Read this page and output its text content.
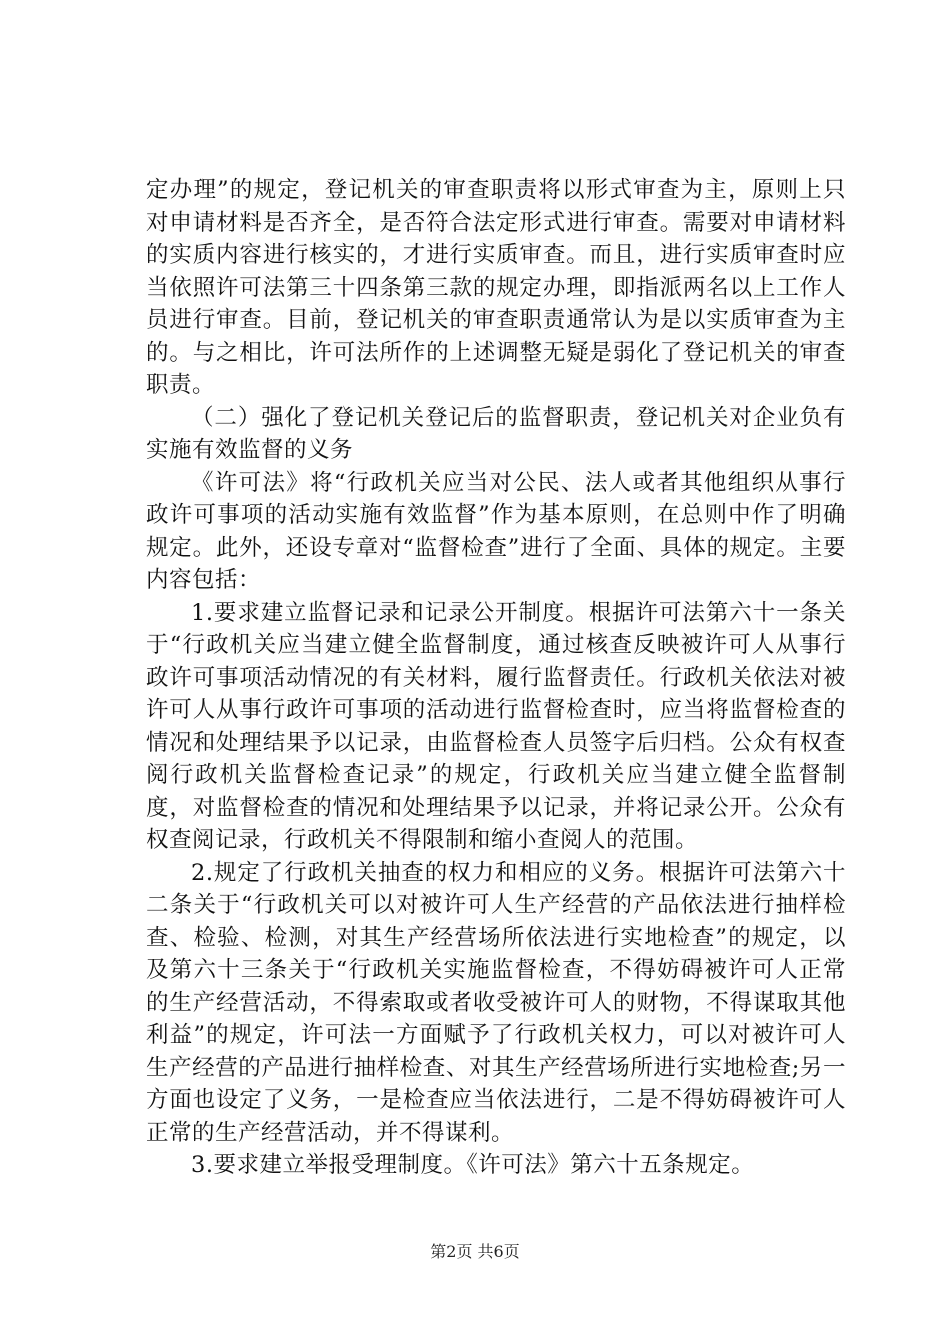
定办理”的规定，登记机关的审查职责将以形式审查为主，原则上只对申请材料是否齐全，是否符合法定形式进行审查。需要对申请材料的实质内容进行核实的，才进行实质审查。而且，进行实质审查时应当依照许可法第三十四条第三款的规定办理，即指派两名以上工作人员进行审查。目前，登记机关的审查职责通常认为是以实质审查为主的。与之相比，许可法所作的上述调整无疑是弱化了登记机关的审查职责。

（二）强化了登记机关登记后的监督职责，登记机关对企业负有实施有效监督的义务

《许可法》将“行政机关应当对公民、法人或者其他组织从事行政许可事项的活动实施有效监督”作为基本原则，在总则中作了明确规定。此外，还设专章对“监督检查”进行了全面、具体的规定。主要内容包括：

1.要求建立监督记录和记录公开制度。根据许可法第六十一条关于“行政机关应当建立健全监督制度，通过核查反映被许可人从事行政许可事项活动情况的有关材料，履行监督责任。行政机关依法对被许可人从事行政许可事项的活动进行监督检查时，应当将监督检查的情况和处理结果予以记录，由监督检查人员签字后归档。公众有权查阅行政机关监督检查记录”的规定，行政机关应当建立健全监督制度，对监督检查的情况和处理结果予以记录，并将记录公开。公众有权查阅记录，行政机关不得限制和缩小查阅人的范围。

2.规定了行政机关抽查的权力和相应的义务。根据许可法第六十二条关于“行政机关可以对被许可人生产经营的产品依法进行抽样检查、检验、检测，对其生产经营场所依法进行实地检查”的规定，以及第六十三条关于“行政机关实施监督检查，不得妨碍被许可人正常的生产经营活动，不得索取或者收受被许可人的财物，不得谋取其他利益”的规定，许可法一方面赋予了行政机关权力，可以对被许可人生产经营的产品进行抽样检查、对其生产经营场所进行实地检查;另一方面也设定了义务，一是检查应当依法进行，二是不得妨碍被许可人正常的生产经营活动，并不得谋利。

3.要求建立举报受理制度。《许可法》第六十五条规定。

第2页 共6页
